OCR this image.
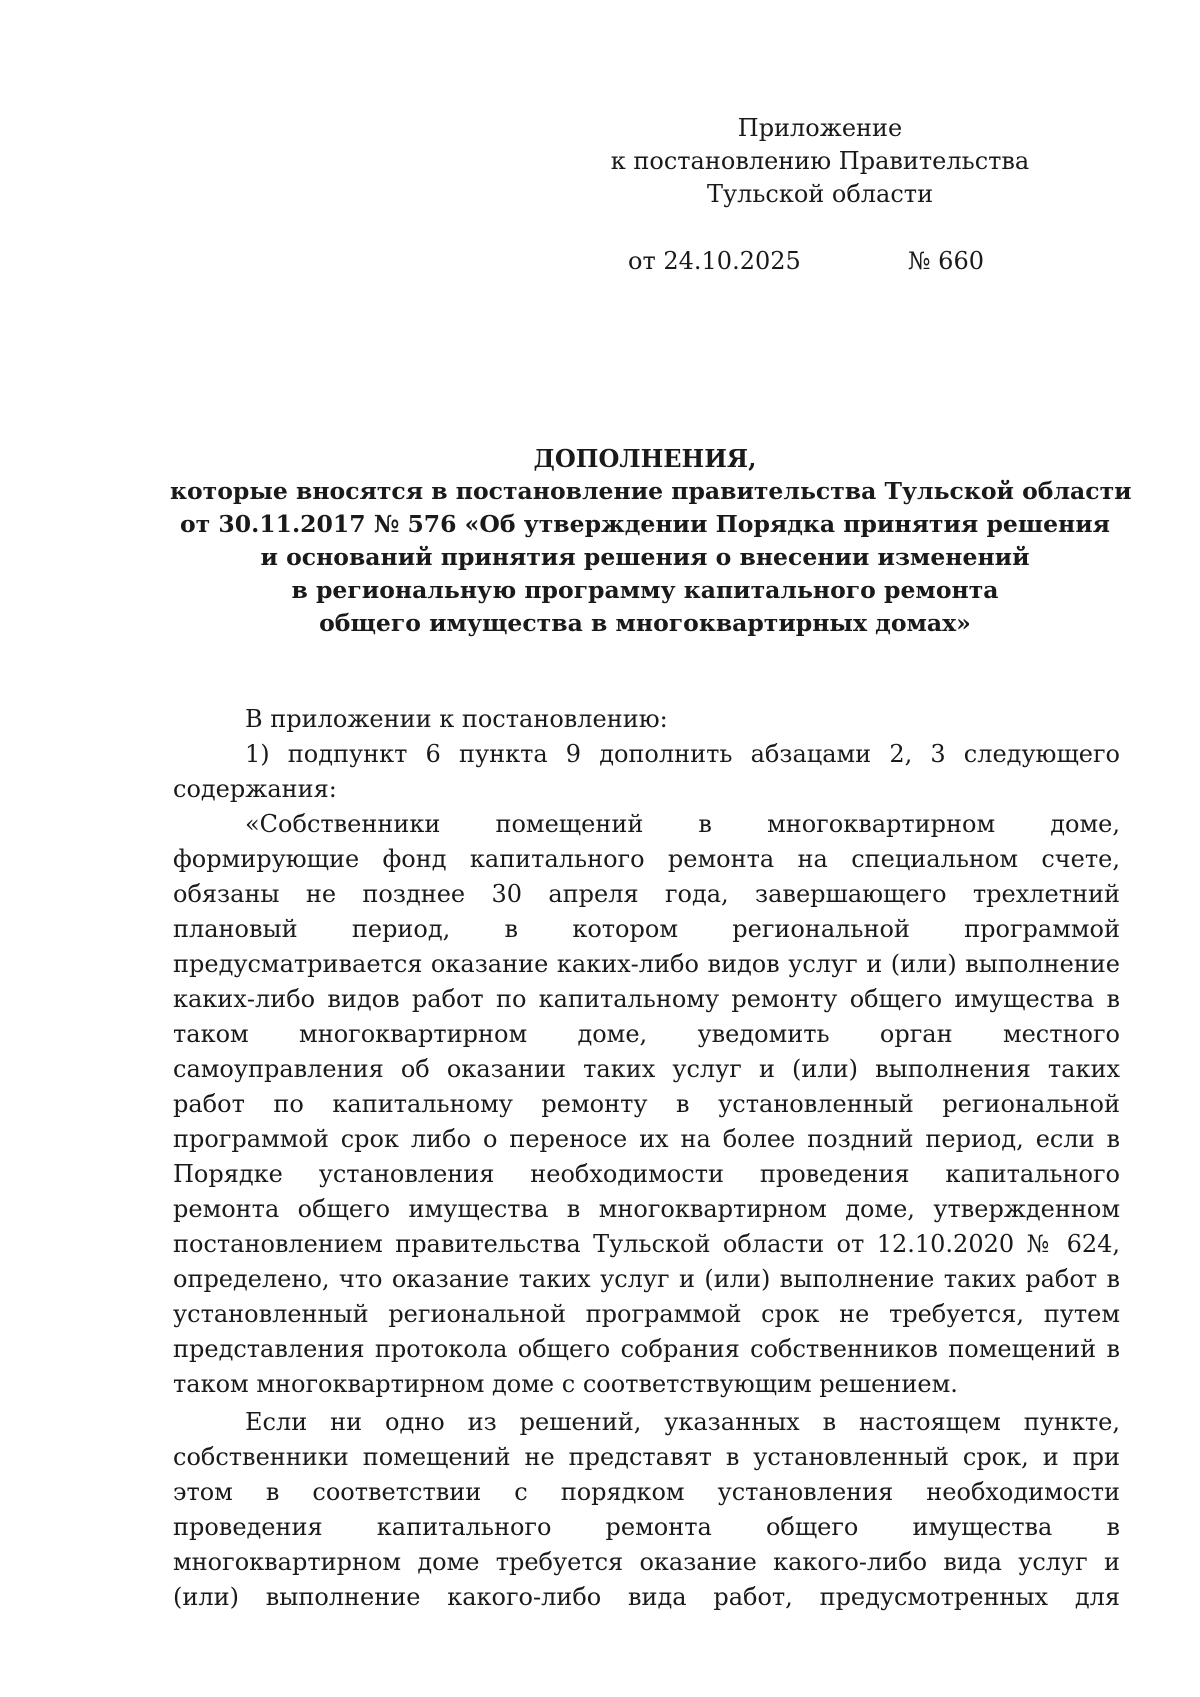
Приложение
к постановлению Правительства
Тульской области
от 24.10.2025	№ 660
ДОПОЛНЕНИЯ,
которые вносятся в постановление правительства Тульской области
от 30.11.2017 № 576 «Об утверждении Порядка принятия решения
и оснований принятия решения о внесении изменений
в региональную программу капитального ремонта
общего имущества в многоквартирных домах»

В приложении к постановлению:

1) подпункт 6 пункта 9 дополнить абзацами 2, 3 следующего содержания:

«Собственники помещений в многоквартирном доме, формирующие фонд капитального ремонта на специальном счете, обязаны не позднее 30 апреля года, завершающего трехлетний плановый период, в котором региональной программой предусматривается оказание каких-либо видов услуг и (или) выполнение каких-либо видов работ по капитальному ремонту общего имущества в таком многоквартирном доме, уведомить орган местного самоуправления об оказании таких услуг и (или) выполнения таких работ по капитальному ремонту в установленный региональной программой срок либо о переносе их на более поздний период, если в Порядке установления необходимости проведения капитального ремонта общего имущества в многоквартирном доме, утвержденном постановлением правительства Тульской области от 12.10.2020 № 624, определено, что оказание таких услуг и (или) выполнение таких работ в установленный региональной программой срок не требуется, путем представления протокола общего собрания собственников помещений в таком многоквартирном доме с соответствующим решением.

Если ни одно из решений, указанных в настоящем пункте, собственники помещений не представят в установленный срок, и при этом в соответствии с порядком установления необходимости проведения капитального ремонта общего имущества в многоквартирном доме требуется оказание какого-либо вида услуг и (или) выполнение какого-либо вида работ, предусмотренных для
